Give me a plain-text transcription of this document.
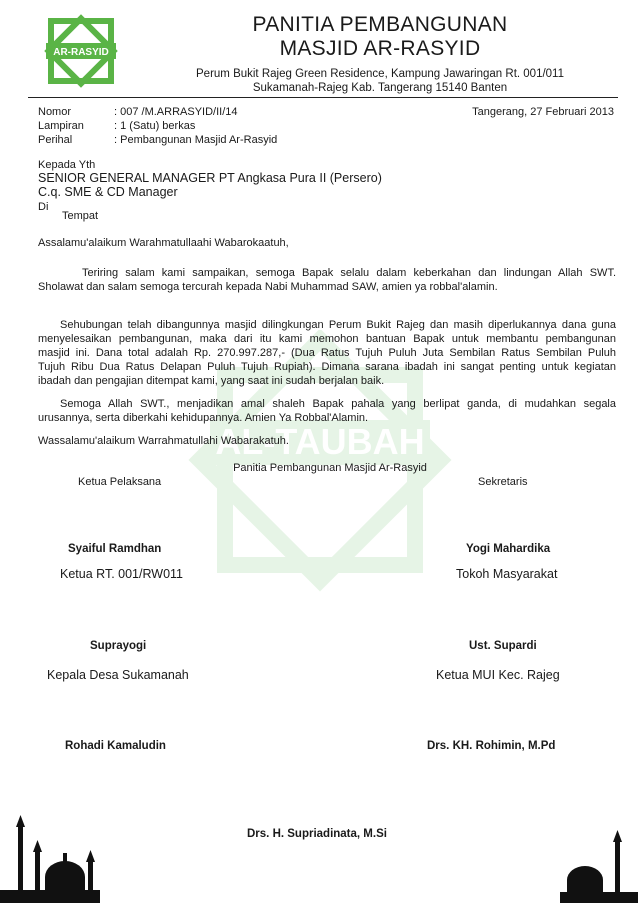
AL-TAUBAH
AR-RASYID
PANITIA PEMBANGUNAN
MASJID AR-RASYID
Perum Bukit Rajeg Green Residence, Kampung Jawaringan Rt. 001/011
Sukamanah-Rajeg Kab. Tangerang 15140 Banten
Nomor	: 007 /M.ARRASYID/II/14	Tangerang, 27 Februari 2013
Lampiran	: 1 (Satu) berkas
Perihal	: Pembangunan Masjid Ar-Rasyid
Kepada Yth
SENIOR GENERAL MANAGER PT Angkasa Pura II (Persero)
C.q. SME & CD Manager
Di
Tempat
Assalamu'alaikum Warahmatullaahi Wabarokaatuh,
Teriring salam kami sampaikan, semoga Bapak selalu dalam keberkahan dan lindungan Allah SWT.
Sholawat dan salam semoga tercurah kepada Nabi Muhammad SAW, amien ya robbal'alamin.
Sehubungan telah dibangunnya masjid dilingkungan Perum Bukit Rajeg dan masih diperlukannya dana guna
menyelesaikan pembangunan, maka dari itu kami memohon bantuan Bapak untuk membantu pembangunan
masjid ini. Dana total adalah Rp. 270.997.287,- (Dua Ratus Tujuh Puluh Juta Sembilan Ratus Sembilan Puluh
Tujuh Ribu Dua Ratus Delapan Puluh Tujuh Rupiah). Dimana sarana ibadah ini sangat penting untuk kegiatan
ibadah dan pengajian ditempat kami, yang saat ini sudah berjalan baik.
Semoga Allah SWT., menjadikan amal shaleh Bapak pahala yang berlipat ganda, di mudahkan segala
urusannya, serta diberkahi kehidupannya. Amien Ya Robbal'Alamin.
Wassalamu'alaikum Warrahmatullahi Wabarakatuh.
Panitia Pembangunan Masjid Ar-Rasyid
Ketua Pelaksana	Sekretaris
Syaiful Ramdhan	Yogi Mahardika
Ketua RT. 001/RW011	Tokoh Masyarakat
Suprayogi	Ust. Supardi
Kepala Desa Sukamanah	Ketua MUI Kec. Rajeg
Rohadi Kamaludin	Drs. KH. Rohimin, M.Pd
Drs. H. Supriadinata, M.Si
